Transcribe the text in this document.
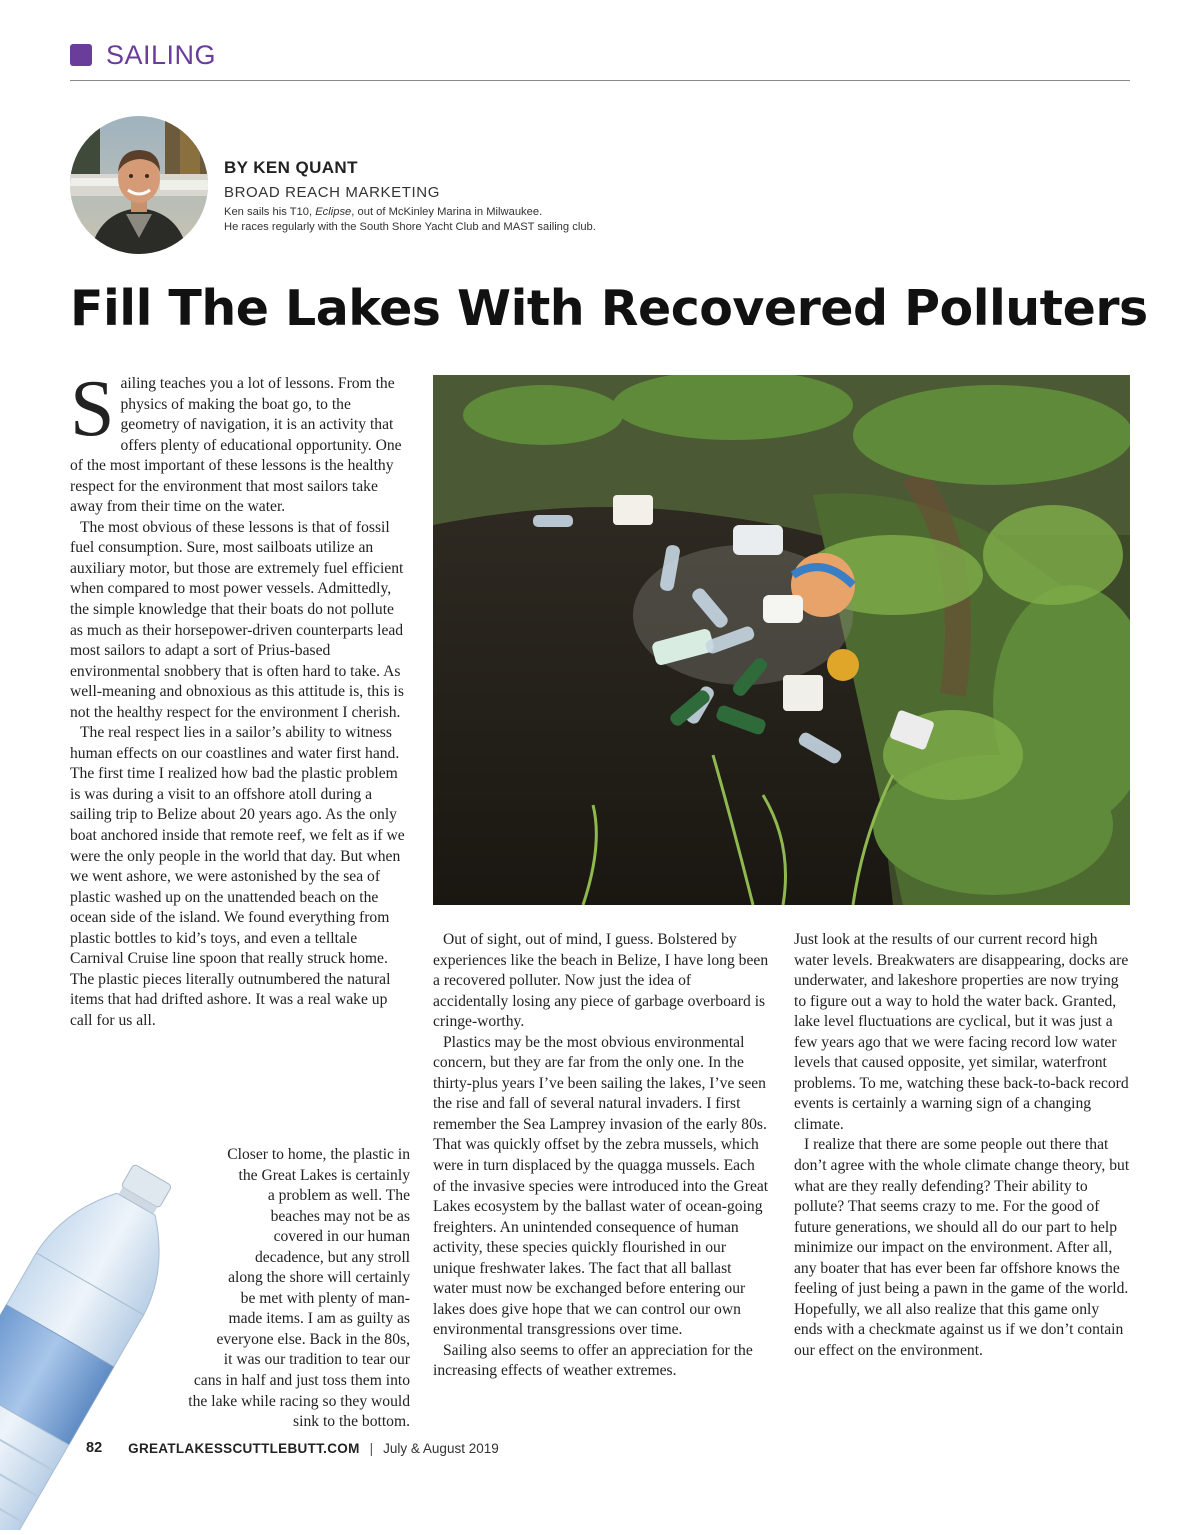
SAILING
BY KEN QUANT
BROAD REACH MARKETING
Ken sails his T10, Eclipse, out of McKinley Marina in Milwaukee.
He races regularly with the South Shore Yacht Club and MAST sailing club.
Fill The Lakes With Recovered Polluters

Sailing teaches you a lot of lessons. From the physics of making the boat go, to the geometry of navigation, it is an activity that offers plenty of educational opportunity. One of the most important of these lessons is the healthy respect for the environment that most sailors take away from their time on the water.

The most obvious of these lessons is that of fossil fuel consumption. Sure, most sailboats utilize an auxiliary motor, but those are extremely fuel efficient when compared to most power vessels. Admittedly, the simple knowledge that their boats do not pollute as much as their horsepower-driven counterparts lead most sailors to adapt a sort of Prius-based environmental snobbery that is often hard to take. As well-meaning and obnoxious as this attitude is, this is not the healthy respect for the environment I cherish.

The real respect lies in a sailor’s ability to witness human effects on our coastlines and water first hand. The first time I realized how bad the plastic problem is was during a visit to an offshore atoll during a sailing trip to Belize about 20 years ago. As the only boat anchored inside that remote reef, we felt as if we were the only people in the world that day. But when we went ashore, we were astonished by the sea of plastic washed up on the unattended beach on the ocean side of the island. We found everything from plastic bottles to kid’s toys, and even a telltale Carnival Cruise line spoon that really struck home. The plastic pieces literally outnumbered the natural items that had drifted ashore. It was a real wake up call for us all.

Closer to home, the plastic in
the Great Lakes is certainly
a problem as well. The
beaches may not be as
covered in our human
decadence, but any stroll
along the shore will certainly
be met with plenty of man-
made items. I am as guilty as
everyone else. Back in the 80s,
it was our tradition to tear our
cans in half and just toss them into
the lake while racing so they would
sink to the bottom.

Out of sight, out of mind, I guess. Bolstered by experiences like the beach in Belize, I have long been a recovered polluter. Now just the idea of accidentally losing any piece of garbage overboard is cringe-worthy.

Plastics may be the most obvious environmental concern, but they are far from the only one. In the thirty-plus years I’ve been sailing the lakes, I’ve seen the rise and fall of several natural invaders. I first remember the Sea Lamprey invasion of the early 80s. That was quickly offset by the zebra mussels, which were in turn displaced by the quagga mussels. Each of the invasive species were introduced into the Great Lakes ecosystem by the ballast water of ocean-going freighters. An unintended consequence of human activity, these species quickly flourished in our unique freshwater lakes. The fact that all ballast water must now be exchanged before entering our lakes does give hope that we can control our own environmental transgressions over time.

Sailing also seems to offer an appreciation for the increasing effects of weather extremes.

Just look at the results of our current record high water levels. Breakwaters are disappearing, docks are underwater, and lakeshore properties are now trying to figure out a way to hold the water back. Granted, lake level fluctuations are cyclical, but it was just a few years ago that we were facing record low water levels that caused opposite, yet similar, waterfront problems. To me, watching these back-to-back record events is certainly a warning sign of a changing climate.

I realize that there are some people out there that don’t agree with the whole climate change theory, but what are they really defending? Their ability to pollute? That seems crazy to me. For the good of future generations, we should all do our part to help minimize our impact on the environment. After all, any boater that has ever been far offshore knows the feeling of just being a pawn in the game of the world. Hopefully, we all also realize that this game only ends with a checkmate against us if we don’t contain our effect on the environment.

82 GREATLAKESSCUTTLEBUTT.COM | July & August 2019
